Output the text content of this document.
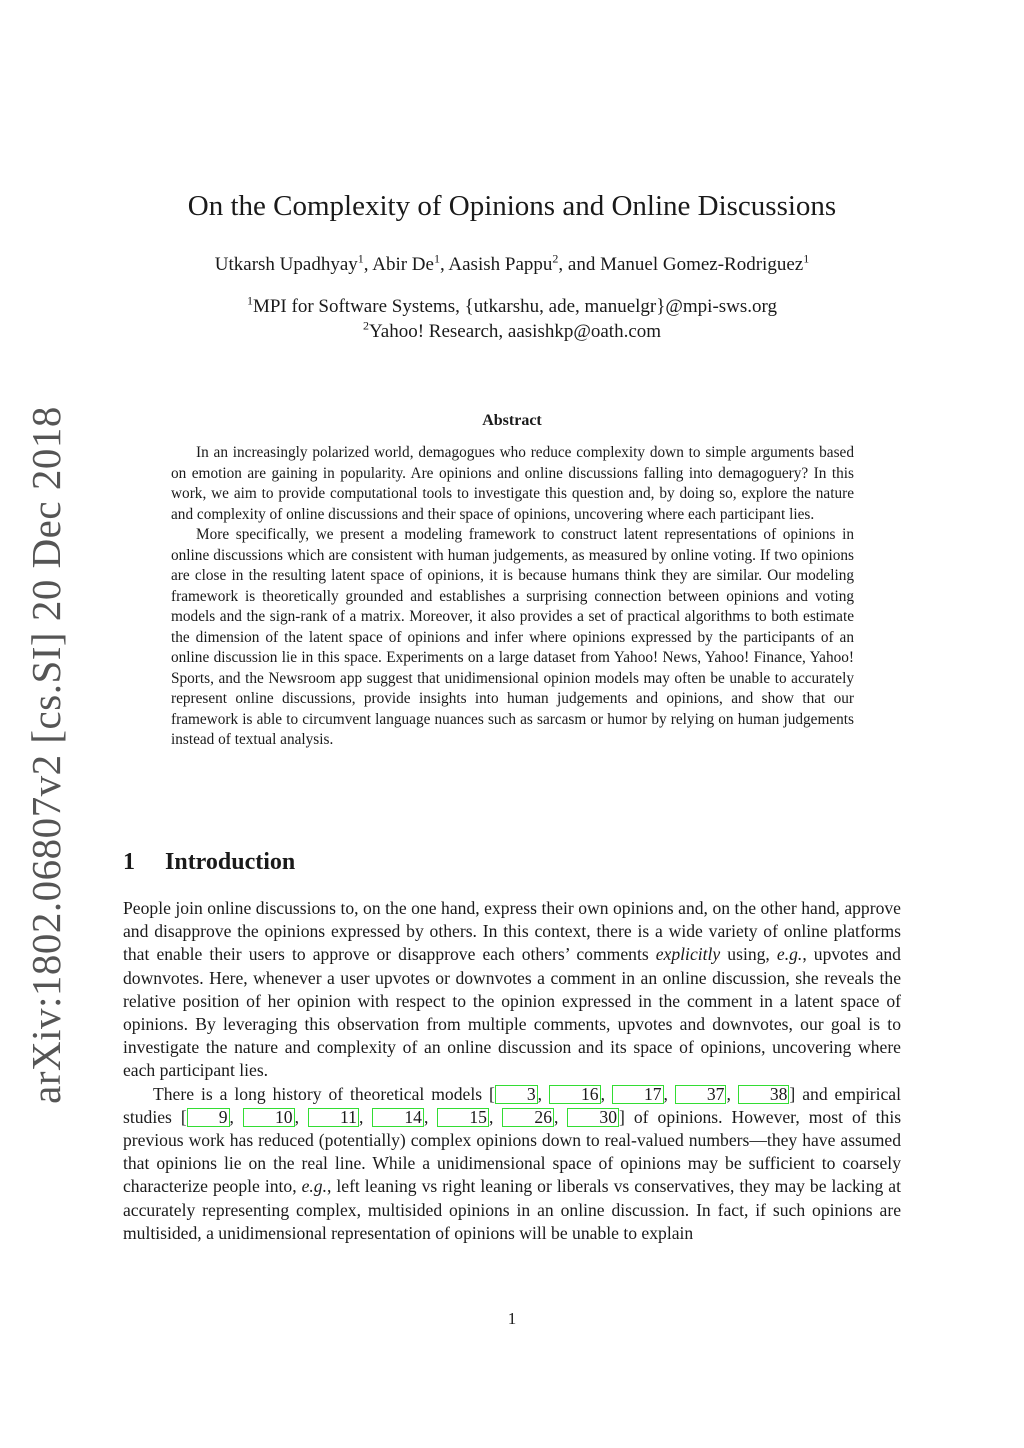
arXiv:1802.06807v2 [cs.SI] 20 Dec 2018
On the Complexity of Opinions and Online Discussions
Utkarsh Upadhyay$^1$, Abir De$^1$, Aasish Pappu$^2$, and Manuel Gomez-Rodriguez$^1$
$^1$MPI for Software Systems, {utkarshu, ade, manuelgr}@mpi-sws.org
$^2$Yahoo! Research, aasishkp@oath.com
Abstract

In an increasingly polarized world, demagogues who reduce complexity down to simple arguments based on emotion are gaining in popularity. Are opinions and online discussions falling into demagoguery? In this work, we aim to provide computational tools to investigate this question and, by doing so, explore the nature and complexity of online discussions and their space of opinions, uncovering where each participant lies.

More specifically, we present a modeling framework to construct latent representations of opinions in online discussions which are consistent with human judgements, as measured by online voting. If two opinions are close in the resulting latent space of opinions, it is because humans think they are similar. Our modeling framework is theoretically grounded and establishes a surprising connection between opinions and voting models and the sign-rank of a matrix. Moreover, it also provides a set of practical algorithms to both estimate the dimension of the latent space of opinions and infer where opinions expressed by the participants of an online discussion lie in this space. Experiments on a large dataset from Yahoo! News, Yahoo! Finance, Yahoo! Sports, and the Newsroom app suggest that unidimensional opinion models may often be unable to accurately represent online discussions, provide insights into human judgements and opinions, and show that our framework is able to circumvent language nuances such as sarcasm or humor by relying on human judgements instead of textual analysis.

1 Introduction

People join online discussions to, on the one hand, express their own opinions and, on the other hand, approve and disapprove the opinions expressed by others. In this context, there is a wide variety of online platforms that enable their users to approve or disapprove each others’ comments explicitly using, e.g., upvotes and downvotes. Here, whenever a user upvotes or downvotes a comment in an online discussion, she reveals the relative position of her opinion with respect to the opinion expressed in the comment in a latent space of opinions. By leveraging this observation from multiple comments, upvotes and downvotes, our goal is to investigate the nature and complexity of an online discussion and its space of opinions, uncovering where each participant lies.

There is a long history of theoretical models [ 3 , 16 , 17 , 37 , 38 ] and empirical studies [ 9 , 10 , 11 , 14 , 15 , 26 , 30 ] of opinions. However, most of this previous work has reduced (potentially) complex opinions down to real-valued numbers—they have assumed that opinions lie on the real line. While a unidimensional space of opinions may be sufficient to coarsely characterize people into, e.g., left leaning vs right leaning or liberals vs conservatives, they may be lacking at accurately representing complex, multisided opinions in an online discussion. In fact, if such opinions are multisided, a unidimensional representation of opinions will be unable to explain

1
